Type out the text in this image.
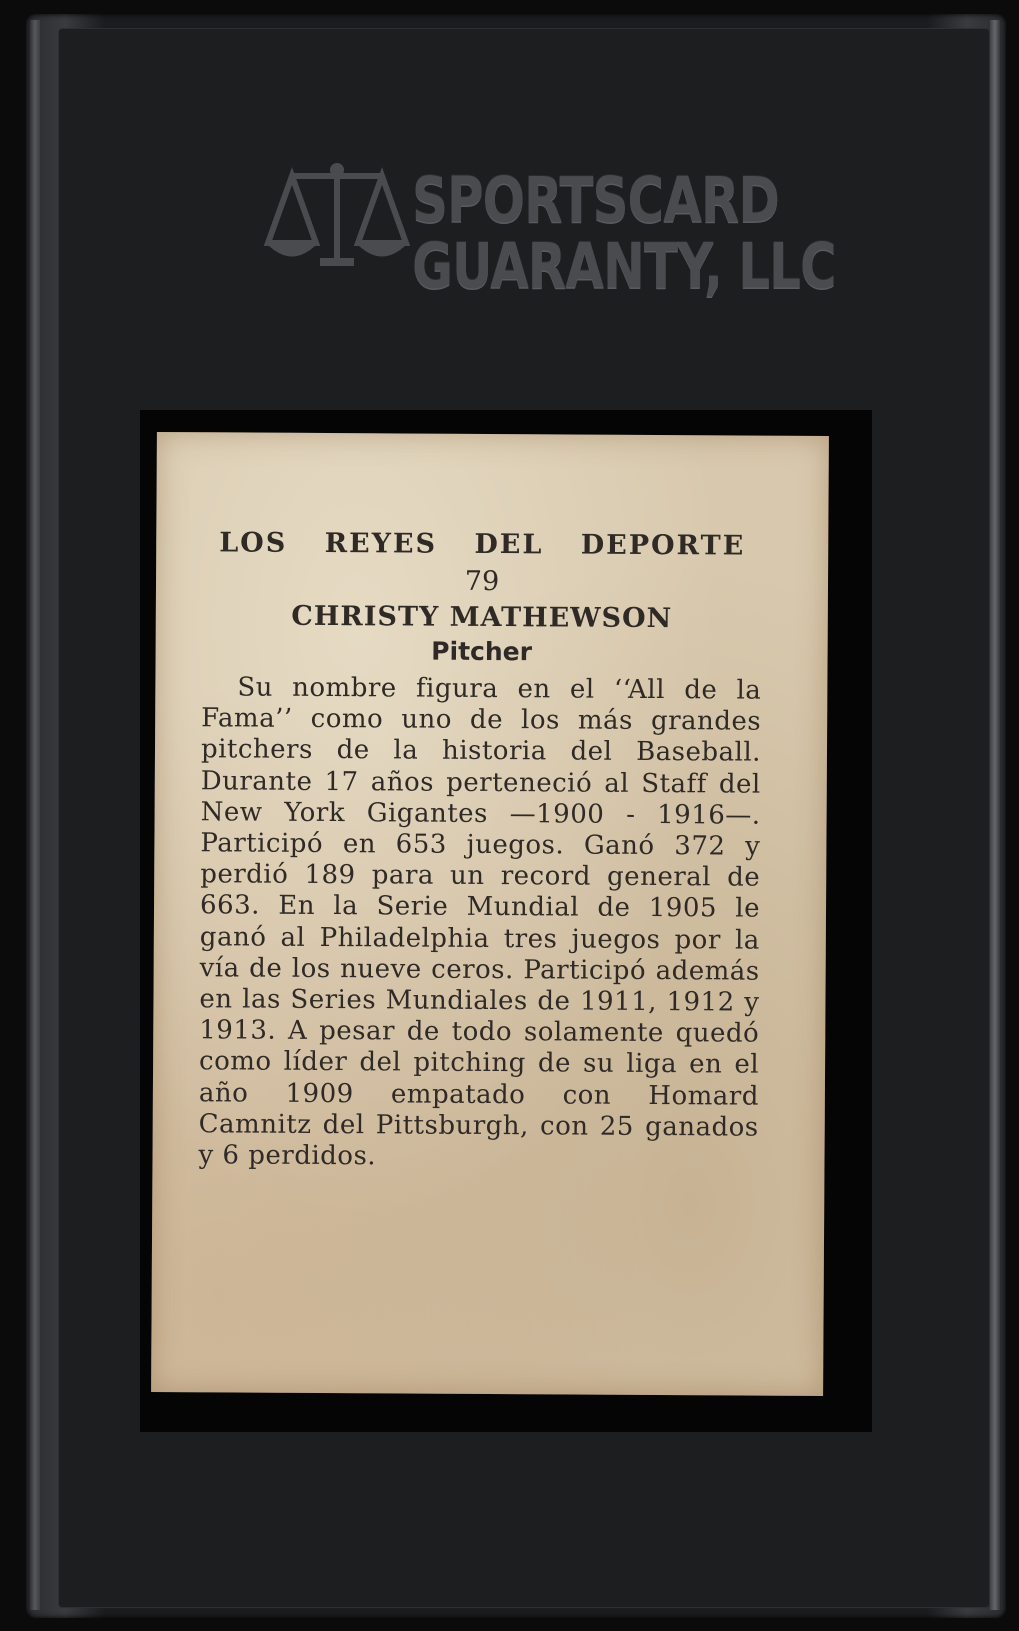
SPORTSCARD
GUARANTY, LLC

LOS REYES DEL DEPORTE

79

CHRISTY MATHEWSON

Pitcher

Su nombre figura en el ‘‘All de la Fama’’ como uno de los más grandes pitchers de la historia del Baseball. Durante 17 años perteneció al Staff del New York Gigantes —1900 - 1916—. Participó en 653 juegos. Ganó 372 y perdió 189 para un record general de 663. En la Serie Mundial de 1905 le ganó al Philadelphia tres juegos por la vía de los nueve ceros. Participó además en las Series Mundiales de 1911, 1912 y 1913. A pesar de todo solamente quedó como líder del pitching de su liga en el año 1909 empatado con Homard Camnitz del Pittsburgh, con 25 ganados y 6 perdidos.
